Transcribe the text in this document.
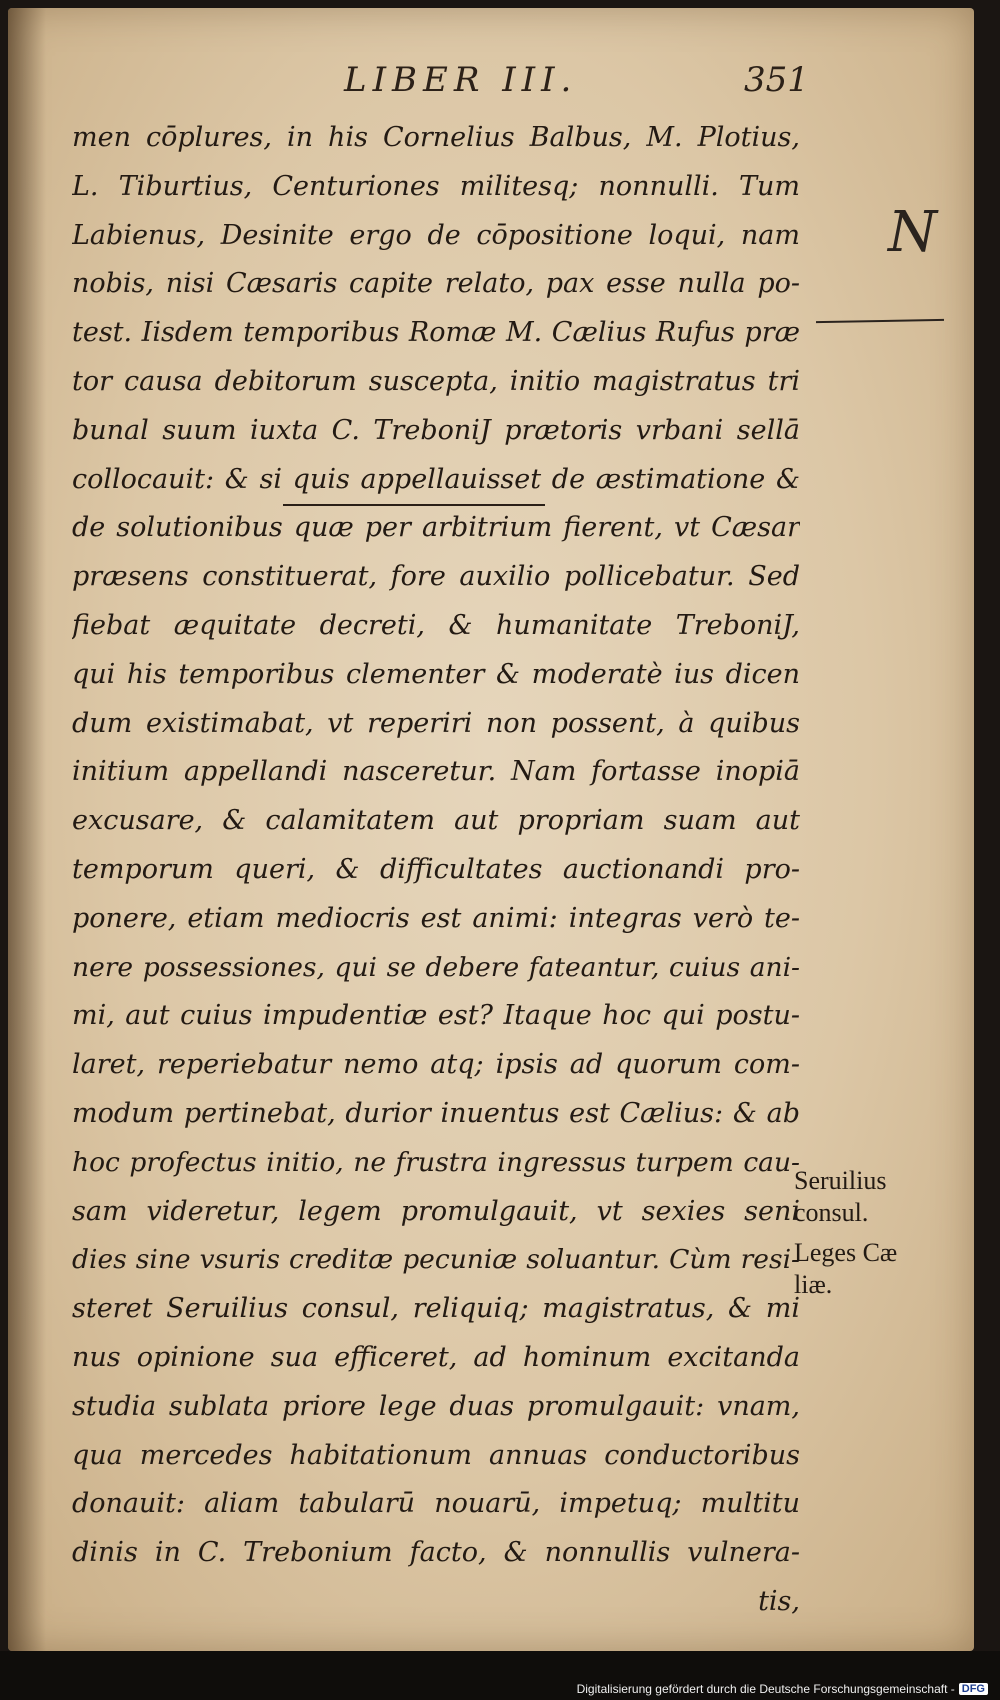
LIBER III.	351
men cōplures, in his Cornelius Balbus, M. Plotius,
L. Tiburtius, Centuriones militesq; nonnulli. Tum
Labienus, Desinite ergo de cōpositione loqui, nam
nobis, nisi Cæsaris capite relato, pax esse nulla po-
test. Iisdem temporibus Romæ M. Cælius Rufus præ
tor causa debitorum suscepta, initio magistratus tri
bunal suum iuxta C. TreboniJ prætoris vrbani sellā
collocauit: & si quis appellauisset de æstimatione &
de solutionibus quæ per arbitrium fierent, vt Cæsar
præsens constituerat, fore auxilio pollicebatur. Sed
fiebat æquitate decreti, & humanitate TreboniJ,
qui his temporibus clementer & moderatè ius dicen
dum existimabat, vt reperiri non possent, à quibus
initium appellandi nasceretur. Nam fortasse inopiā
excusare, & calamitatem aut propriam suam aut
temporum queri, & difficultates auctionandi pro-
ponere, etiam mediocris est animi: integras verò te-
nere possessiones, qui se debere fateantur, cuius ani-
mi, aut cuius impudentiæ est? Itaque hoc qui postu-
laret, reperiebatur nemo atq; ipsis ad quorum com-
modum pertinebat, durior inuentus est Cælius: & ab
hoc profectus initio, ne frustra ingressus turpem cau-
sam videretur, legem promulgauit, vt sexies seni
dies sine vsuris creditæ pecuniæ soluantur. Cùm resi-
steret Seruilius consul, reliquiq; magistratus, & mi
nus opinione sua efficeret, ad hominum excitanda
studia sublata priore lege duas promulgauit: vnam,
qua mercedes habitationum annuas conductoribus
donauit: aliam tabularū nouarū, impetuq; multitu
dinis in C. Trebonium facto, & nonnullis vulnera-
tis,
N
Seruilius
consul.
Leges Cæ
liæ.
Digitalisierung gefördert durch die Deutsche Forschungsgemeinschaft - DFG
